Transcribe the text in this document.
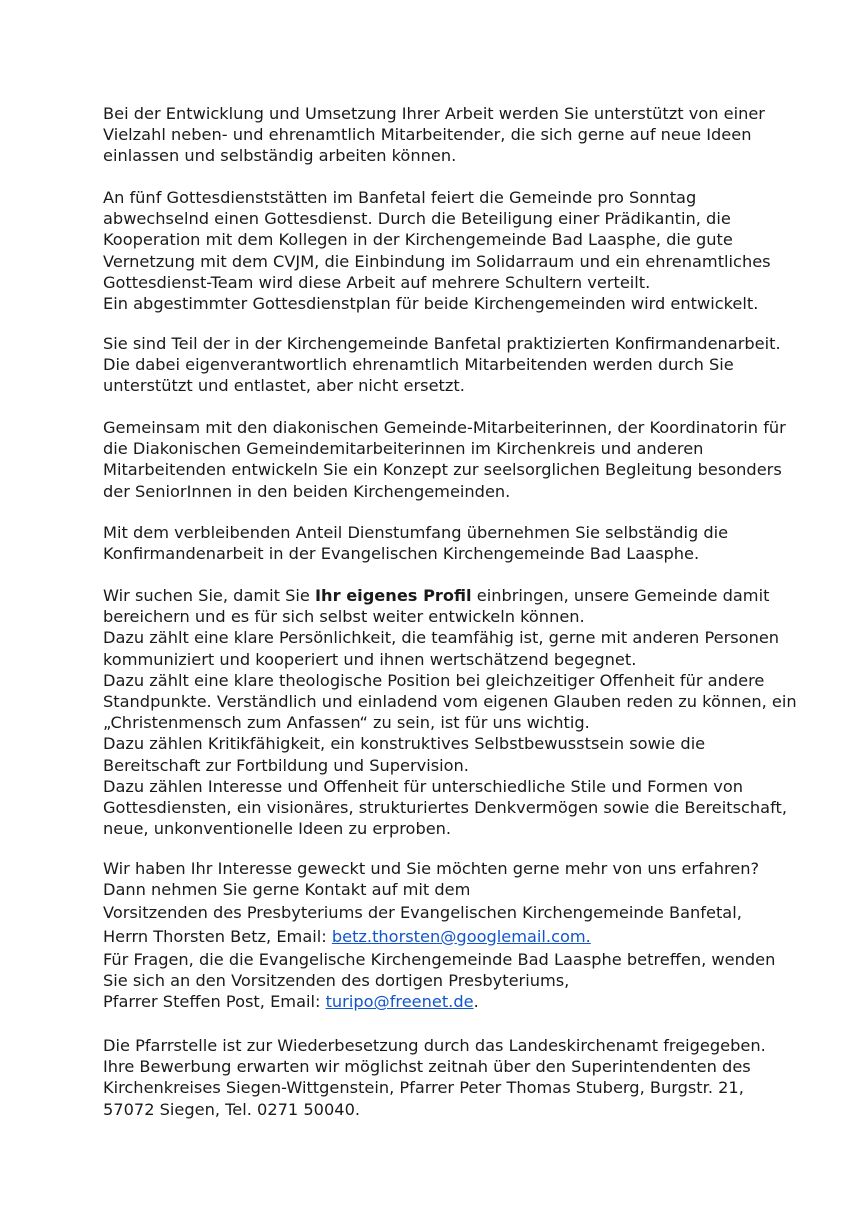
Bei der Entwicklung und Umsetzung Ihrer Arbeit werden Sie unterstützt von einer
Vielzahl neben- und ehrenamtlich Mitarbeitender, die sich gerne auf neue Ideen
einlassen und selbständig arbeiten können.

An fünf Gottesdienststätten im Banfetal feiert die Gemeinde pro Sonntag
abwechselnd einen Gottesdienst. Durch die Beteiligung einer Prädikantin, die
Kooperation mit dem Kollegen in der Kirchengemeinde Bad Laasphe, die gute
Vernetzung mit dem CVJM, die Einbindung im Solidarraum und ein ehrenamtliches
Gottesdienst-Team wird diese Arbeit auf mehrere Schultern verteilt.
Ein abgestimmter Gottesdienstplan für beide Kirchengemeinden wird entwickelt.

Sie sind Teil der in der Kirchengemeinde Banfetal praktizierten Konfirmandenarbeit.
Die dabei eigenverantwortlich ehrenamtlich Mitarbeitenden werden durch Sie
unterstützt und entlastet, aber nicht ersetzt.

Gemeinsam mit den diakonischen Gemeinde-Mitarbeiterinnen, der Koordinatorin für
die Diakonischen Gemeindemitarbeiterinnen im Kirchenkreis und anderen
Mitarbeitenden entwickeln Sie ein Konzept zur seelsorglichen Begleitung besonders
der SeniorInnen in den beiden Kirchengemeinden.

Mit dem verbleibenden Anteil Dienstumfang übernehmen Sie selbständig die
Konfirmandenarbeit in der Evangelischen Kirchengemeinde Bad Laasphe.

Wir suchen Sie, damit Sie Ihr eigenes Profil einbringen, unsere Gemeinde damit
bereichern und es für sich selbst weiter entwickeln können.
Dazu zählt eine klare Persönlichkeit, die teamfähig ist, gerne mit anderen Personen
kommuniziert und kooperiert und ihnen wertschätzend begegnet.
Dazu zählt eine klare theologische Position bei gleichzeitiger Offenheit für andere
Standpunkte. Verständlich und einladend vom eigenen Glauben reden zu können, ein
„Christenmensch zum Anfassen“ zu sein, ist für uns wichtig.
Dazu zählen Kritikfähigkeit, ein konstruktives Selbstbewusstsein sowie die
Bereitschaft zur Fortbildung und Supervision.
Dazu zählen Interesse und Offenheit für unterschiedliche Stile und Formen von
Gottesdiensten, ein visionäres, strukturiertes Denkvermögen sowie die Bereitschaft,
neue, unkonventionelle Ideen zu erproben.

Wir haben Ihr Interesse geweckt und Sie möchten gerne mehr von uns erfahren?
Dann nehmen Sie gerne Kontakt auf mit dem
Vorsitzenden des Presbyteriums der Evangelischen Kirchengemeinde Banfetal,
Herrn Thorsten Betz, Email: betz.thorsten@googlemail.com.
Für Fragen, die die Evangelische Kirchengemeinde Bad Laasphe betreffen, wenden
Sie sich an den Vorsitzenden des dortigen Presbyteriums,
Pfarrer Steffen Post, Email: turipo@freenet.de.

Die Pfarrstelle ist zur Wiederbesetzung durch das Landeskirchenamt freigegeben.
Ihre Bewerbung erwarten wir möglichst zeitnah über den Superintendenten des
Kirchenkreises Siegen-Wittgenstein, Pfarrer Peter Thomas Stuberg, Burgstr. 21,
57072 Siegen, Tel. 0271 50040.
